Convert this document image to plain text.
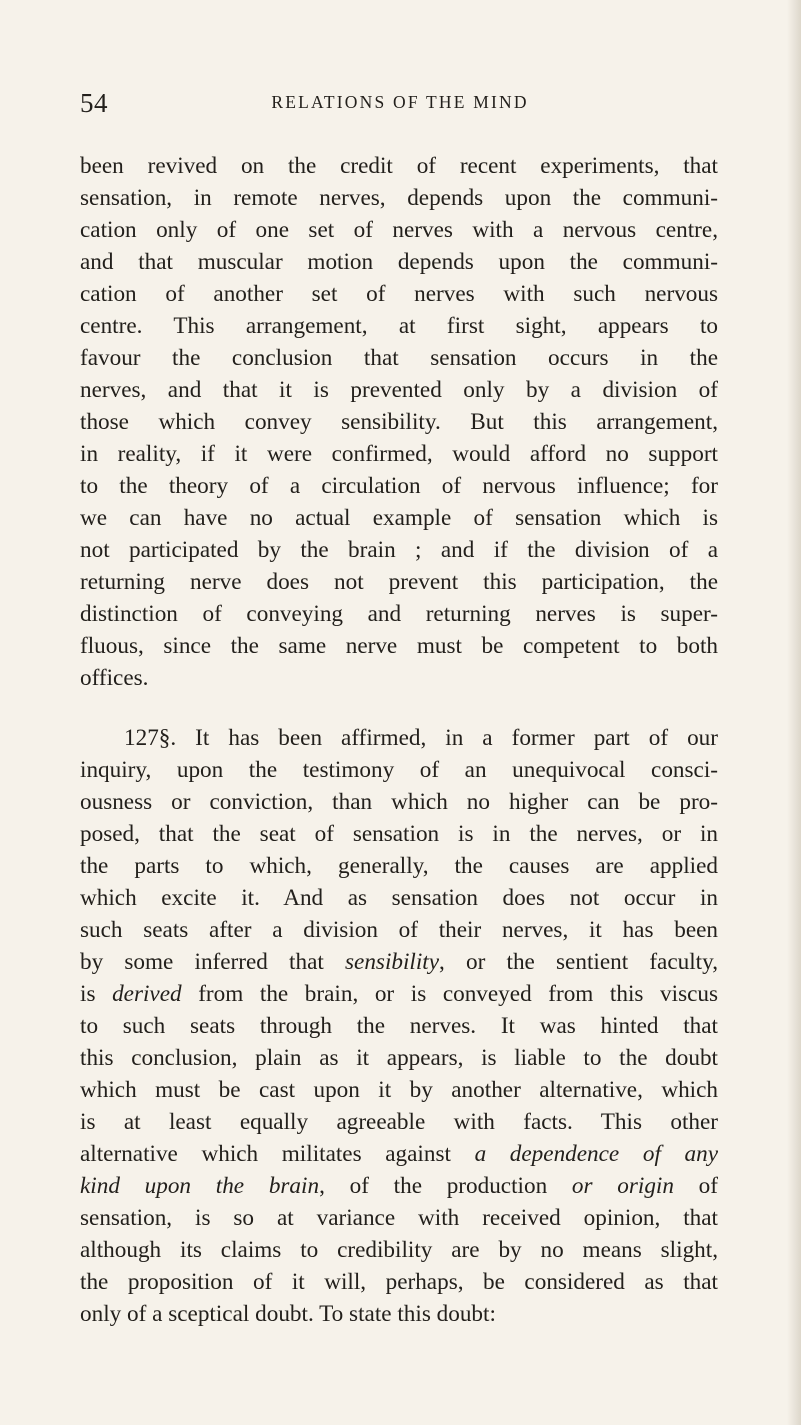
54	RELATIONS OF THE MIND
been revived on the credit of recent experiments, that
sensation, in remote nerves, depends upon the communi-
cation only of one set of nerves with a nervous centre,
and that muscular motion depends upon the communi-
cation of another set of nerves with such nervous
centre. This arrangement, at first sight, appears to
favour the conclusion that sensation occurs in the
nerves, and that it is prevented only by a division of
those which convey sensibility. But this arrangement,
in reality, if it were confirmed, would afford no support
to the theory of a circulation of nervous influence; for
we can have no actual example of sensation which is
not participated by the brain ; and if the division of a
returning nerve does not prevent this participation, the
distinction of conveying and returning nerves is super-
fluous, since the same nerve must be competent to both
offices.
127§. It has been affirmed, in a former part of our
inquiry, upon the testimony of an unequivocal consci-
ousness or conviction, than which no higher can be pro-
posed, that the seat of sensation is in the nerves, or in
the parts to which, generally, the causes are applied
which excite it. And as sensation does not occur in
such seats after a division of their nerves, it has been
by some inferred that sensibility, or the sentient faculty,
is derived from the brain, or is conveyed from this viscus
to such seats through the nerves. It was hinted that
this conclusion, plain as it appears, is liable to the doubt
which must be cast upon it by another alternative, which
is at least equally agreeable with facts. This other
alternative which militates against a dependence of any
kind upon the brain, of the production or origin of
sensation, is so at variance with received opinion, that
although its claims to credibility are by no means slight,
the proposition of it will, perhaps, be considered as that
only of a sceptical doubt. To state this doubt:
